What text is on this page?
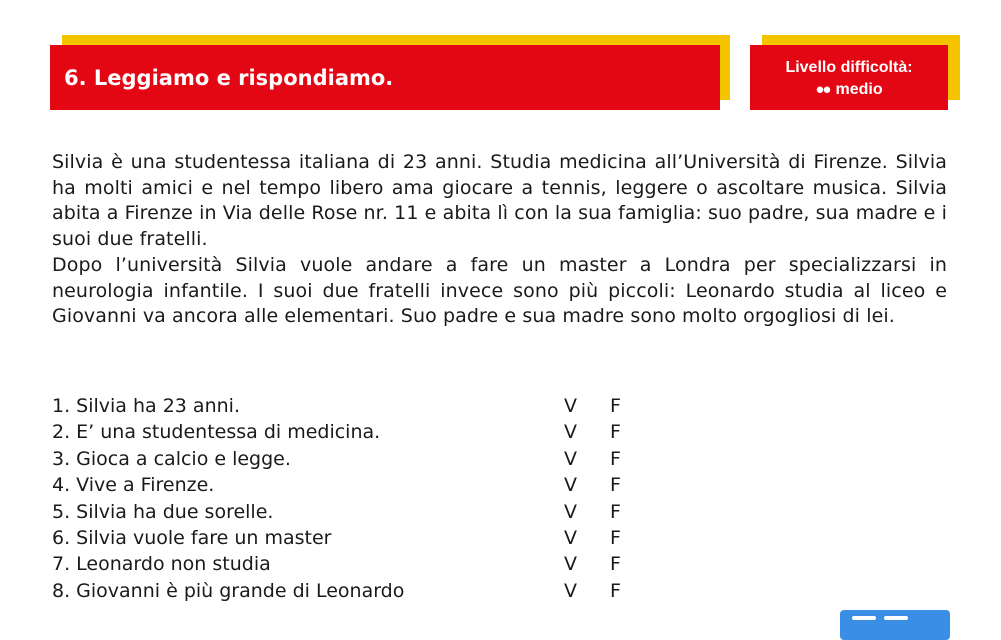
6. Leggiamo e rispondiamo.	Livello difficoltà:
●● medio

Silvia è una studentessa italiana di 23 anni. Studia medicina all’Università di Firenze. Silvia ha molti amici e nel tempo libero ama giocare a tennis, leggere o ascoltare musica. Silvia abita a Firenze in Via delle Rose nr. 11 e abita lì con la sua famiglia: suo padre, sua madre e i suoi due fratelli.

Dopo l’università Silvia vuole andare a fare un master a Londra per specializzarsi in neurologia infantile. I suoi due fratelli invece sono più piccoli: Leonardo studia al liceo e Giovanni va ancora alle elementari. Suo padre e sua madre sono molto orgogliosi di lei.

1. Silvia ha 23 anni.	V F
2. E’ una studentessa di medicina.	V F
3. Gioca a calcio e legge.	V F
4. Vive a Firenze.	V F
5. Silvia ha due sorelle.	V F
6. Silvia vuole fare un master	V F
7. Leonardo non studia	V F
8. Giovanni è più grande di Leonardo	V F
